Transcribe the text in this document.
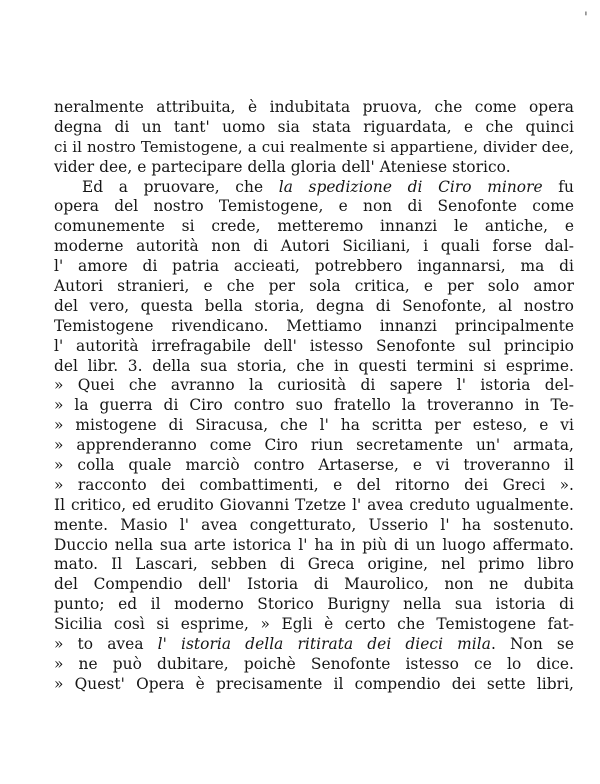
'
neralmente attribuita, è indubitata pruova, che come opera
degna di un tant' uomo sia stata riguardata, e che quinci
ci il nostro Temistogene, a cui realmente si appartiene, divider dee,
vider dee, e partecipare della gloria dell' Ateniese storico.
Ed a pruovare, che la spedizione di Ciro minore fu
opera del nostro Temistogene, e non di Senofonte come
comunemente si crede, metteremo innanzi le antiche, e
moderne autorità non di Autori Siciliani, i quali forse dal-
l' amore di patria accieati, potrebbero ingannarsi, ma di
Autori stranieri, e che per sola critica, e per solo amor
del vero, questa bella storia, degna di Senofonte, al nostro
Temistogene rivendicano. Mettiamo innanzi principalmente
l' autorità irrefragabile dell' istesso Senofonte sul principio
del libr. 3. della sua storia, che in questi termini si esprime.
» Quei che avranno la curiosità di sapere l' istoria del-
» la guerra di Ciro contro suo fratello la troveranno in Te-
» mistogene di Siracusa, che l' ha scritta per esteso, e vi
» apprenderanno come Ciro riun secretamente un' armata,
» colla quale marciò contro Artaserse, e vi troveranno il
» racconto dei combattimenti, e del ritorno dei Greci ».
Il critico, ed erudito Giovanni Tzetze l' avea creduto ugualmente.
mente. Masio l' avea congetturato, Usserio l' ha sostenuto.
Duccio nella sua arte istorica l' ha in più di un luogo affermato.
mato. Il Lascari, sebben di Greca origine, nel primo libro
del Compendio dell' Istoria di Maurolico, non ne dubita
punto; ed il moderno Storico Burigny nella sua istoria di
Sicilia così si esprime, » Egli è certo che Temistogene fat-
» to avea l' istoria della ritirata dei dieci mila. Non se
» ne può dubitare, poichè Senofonte istesso ce lo dice.
» Quest' Opera è precisamente il compendio dei sette libri,
